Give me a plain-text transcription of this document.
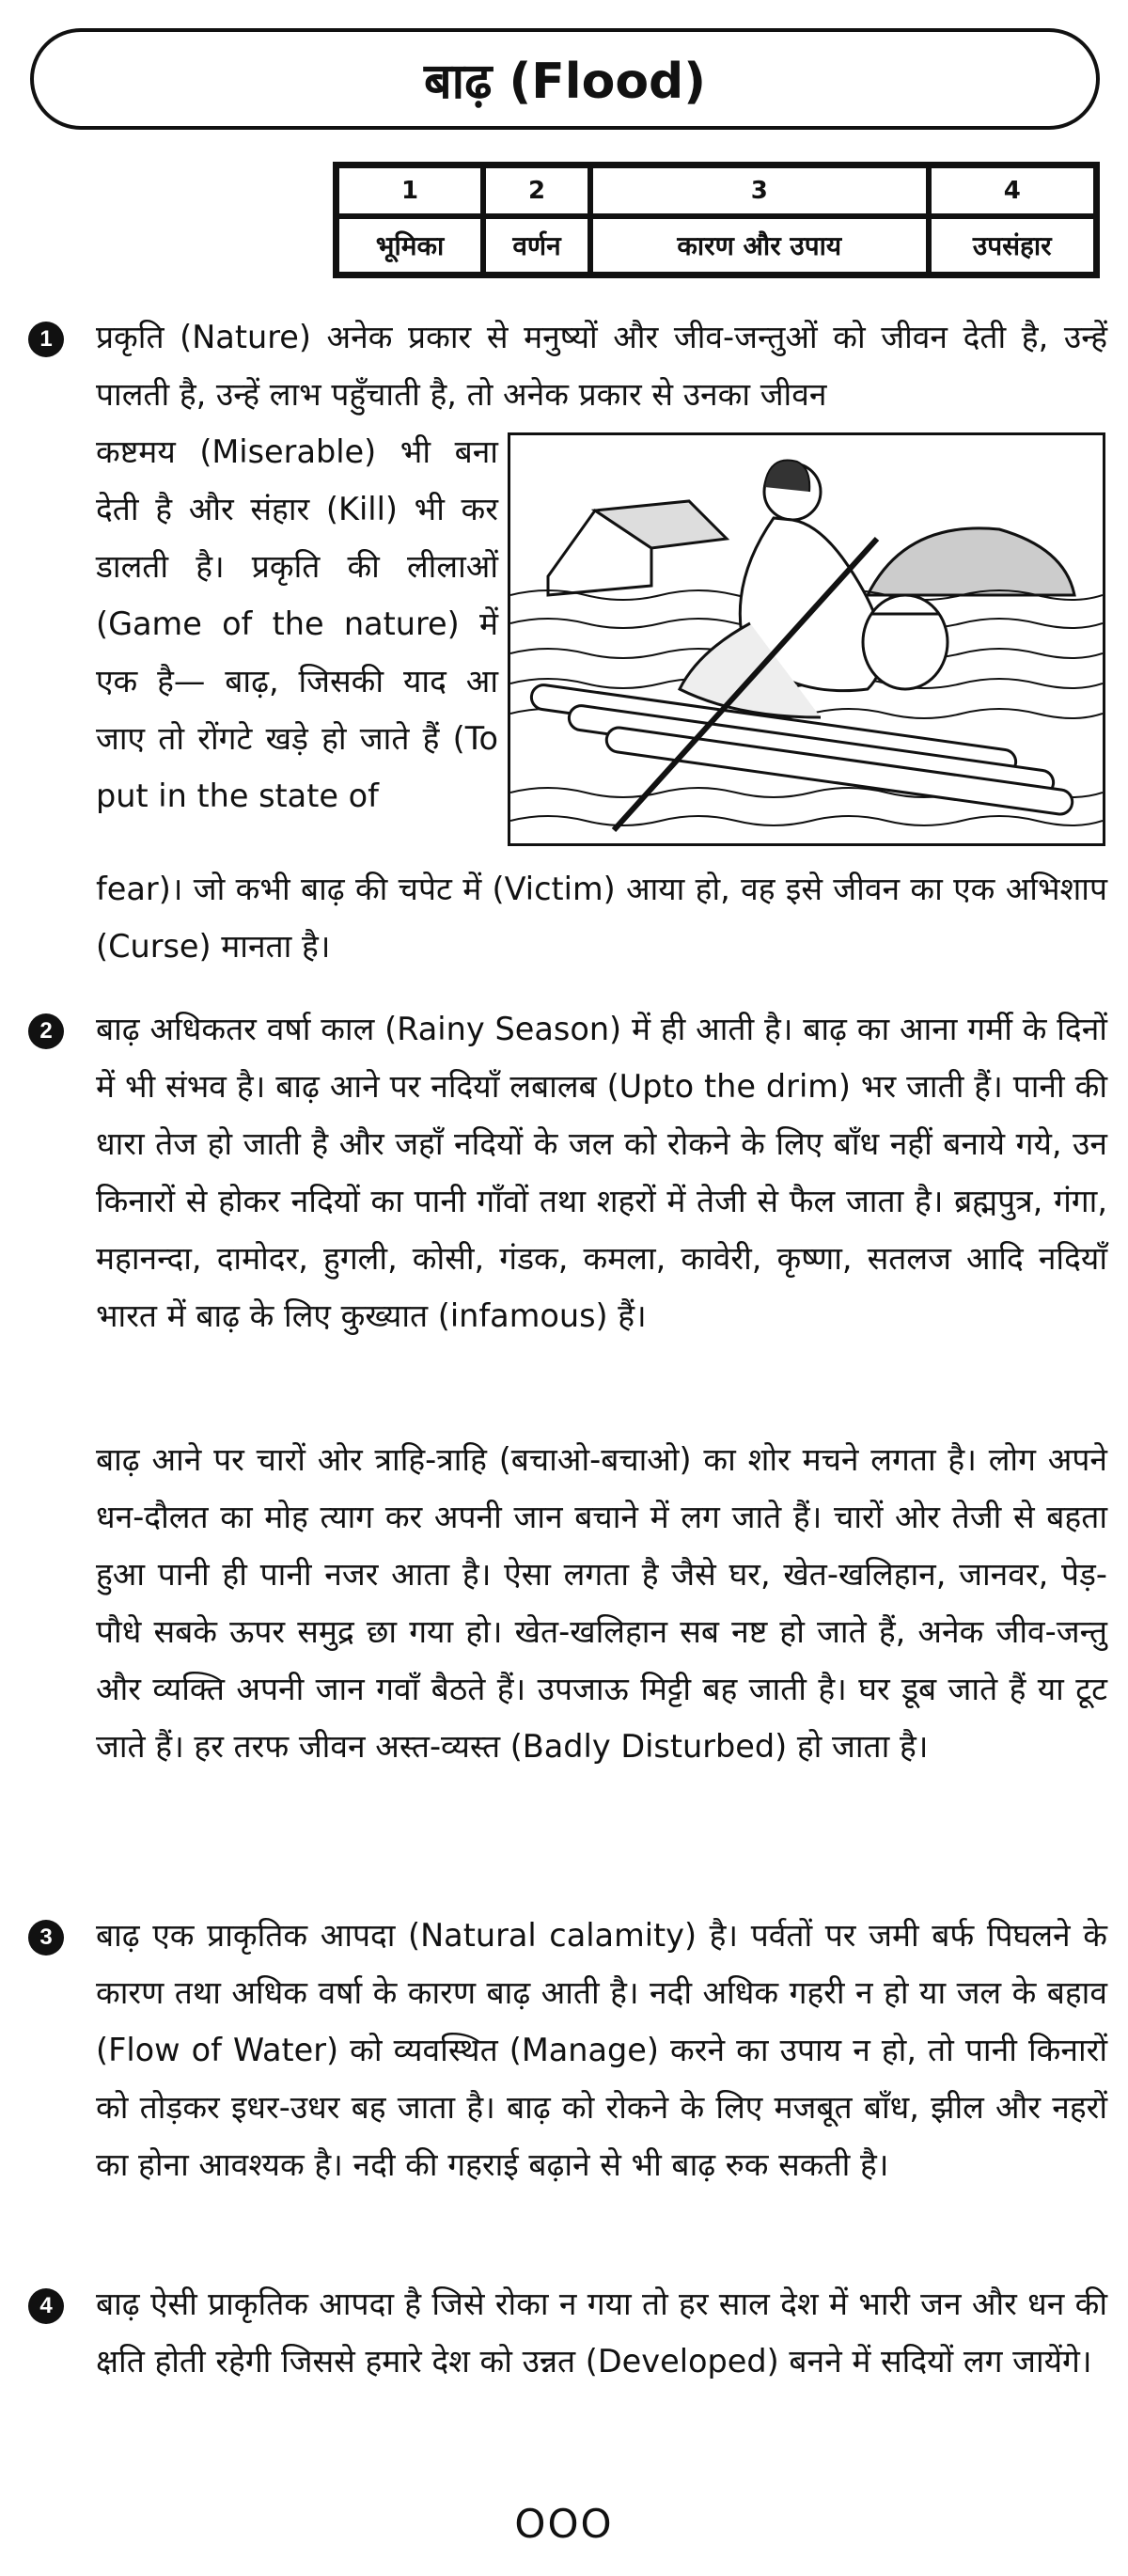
बाढ़ (Flood)
1	2	3	4
भूमिका	वर्णन	कारण और उपाय	उपसंहार
1	प्रकृति (Nature) अनेक प्रकार से मनुष्यों और जीव-जन्तुओं को जीवन देती है, उन्हें पालती है, उन्हें लाभ पहुँचाती है, तो अनेक प्रकार से उनका जीवन

कष्टमय (Miserable) भी बना देती है और संहार (Kill) भी कर डालती है। प्रकृति की लीलाओं (Game of the nature) में एक है— बाढ़, जिसकी याद आ जाए तो रोंगटे खड़े हो जाते हैं (To put in the state of

fear)। जो कभी बाढ़ की चपेट में (Victim) आया हो, वह इसे जीवन का एक अभिशाप (Curse) मानता है।

2	बाढ़ अधिकतर वर्षा काल (Rainy Season) में ही आती है। बाढ़ का आना गर्मी के दिनों में भी संभव है। बाढ़ आने पर नदियाँ लबालब (Upto the drim) भर जाती हैं। पानी की धारा तेज हो जाती है और जहाँ नदियों के जल को रोकने के लिए बाँध नहीं बनाये गये, उन किनारों से होकर नदियों का पानी गाँवों तथा शहरों में तेजी से फैल जाता है। ब्रह्मपुत्र, गंगा, महानन्दा, दामोदर, हुगली, कोसी, गंडक, कमला, कावेरी, कृष्णा, सतलज आदि नदियाँ भारत में बाढ़ के लिए कुख्यात (infamous) हैं।

बाढ़ आने पर चारों ओर त्राहि-त्राहि (बचाओ-बचाओ) का शोर मचने लगता है। लोग अपने धन-दौलत का मोह त्याग कर अपनी जान बचाने में लग जाते हैं। चारों ओर तेजी से बहता हुआ पानी ही पानी नजर आता है। ऐसा लगता है जैसे घर, खेत-खलिहान, जानवर, पेड़-पौधे सबके ऊपर समुद्र छा गया हो। खेत-खलिहान सब नष्ट हो जाते हैं, अनेक जीव-जन्तु और व्यक्ति अपनी जान गवाँ बैठते हैं। उपजाऊ मिट्टी बह जाती है। घर डूब जाते हैं या टूट जाते हैं। हर तरफ जीवन अस्त-व्यस्त (Badly Disturbed) हो जाता है।

3	बाढ़ एक प्राकृतिक आपदा (Natural calamity) है। पर्वतों पर जमी बर्फ पिघलने के कारण तथा अधिक वर्षा के कारण बाढ़ आती है। नदी अधिक गहरी न हो या जल के बहाव (Flow of Water) को व्यवस्थित (Manage) करने का उपाय न हो, तो पानी किनारों को तोड़कर इधर-उधर बह जाता है। बाढ़ को रोकने के लिए मजबूत बाँध, झील और नहरों का होना आवश्यक है। नदी की गहराई बढ़ाने से भी बाढ़ रुक सकती है।

4	बाढ़ ऐसी प्राकृतिक आपदा है जिसे रोका न गया तो हर साल देश में भारी जन और धन की क्षति होती रहेगी जिससे हमारे देश को उन्नत (Developed) बनने में सदियों लग जायेंगे।

OOO
